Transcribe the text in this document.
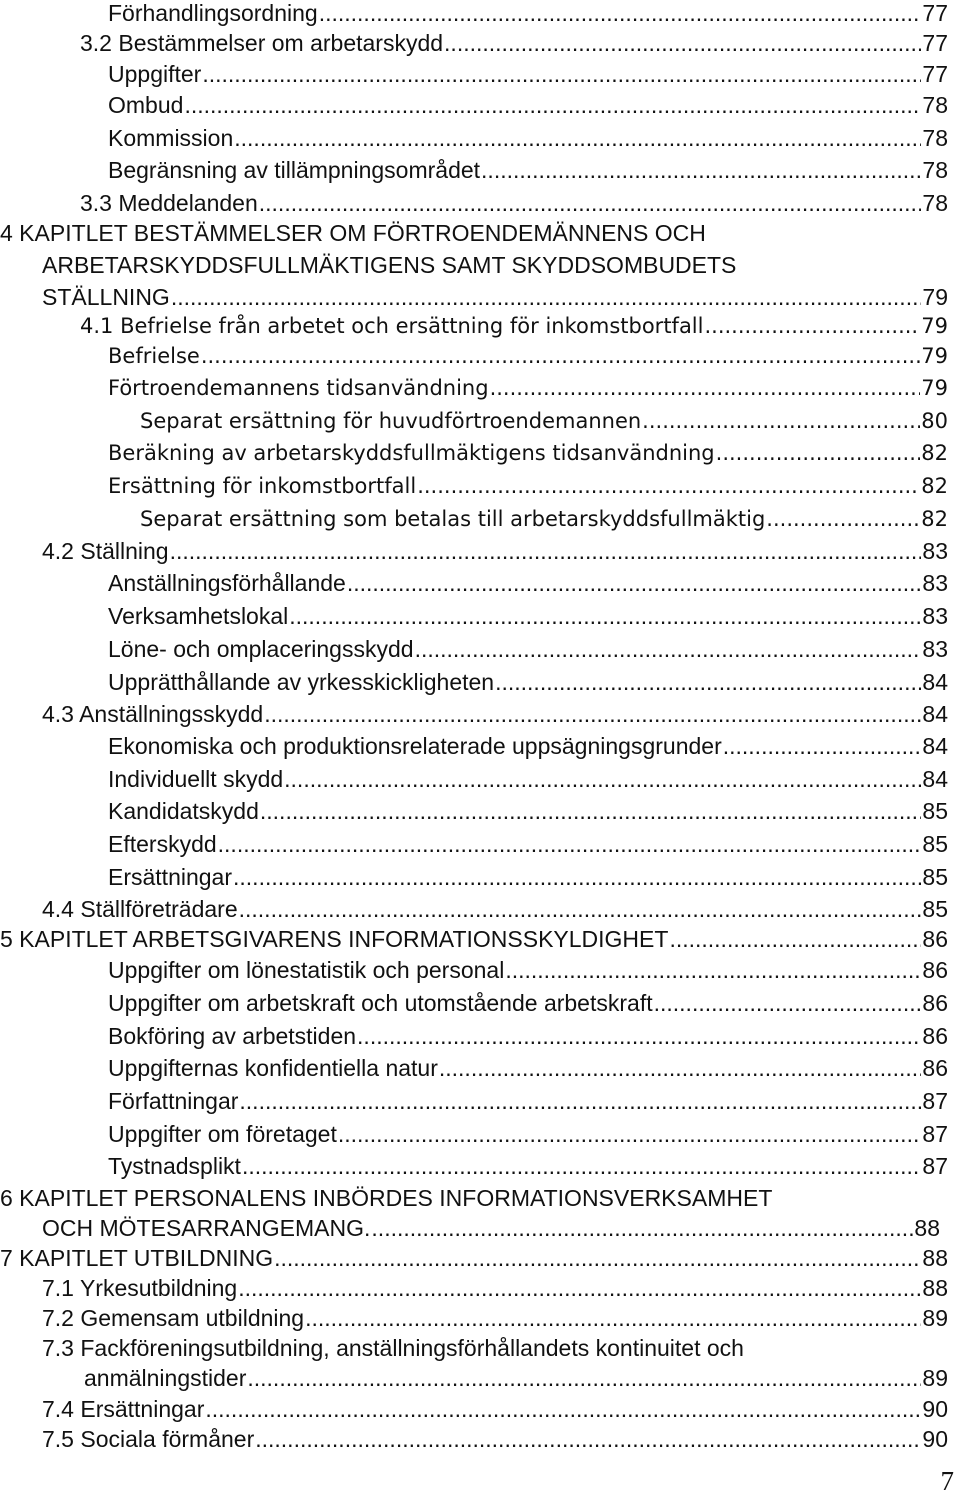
Förhandlingsordning .....	77
3.2 Bestämmelser om arbetarskydd .....	77
Uppgifter .....	77
Ombud .....	78
Kommission .....	78
Begränsning av tillämpningsområdet .....	78
3.3 Meddelanden .....	78
4 KAPITLET BESTÄMMELSER OM FÖRTROENDEMÄNNENS OCH
ARBETARSKYDDSFULLMÄKTIGENS SAMT SKYDDSOMBUDETS
STÄLLNING .....	79
4.1 Befrielse från arbetet och ersättning för inkomstbortfall .....	79
Befrielse .....	79
Förtroendemannens tidsanvändning .....	79
Separat ersättning för huvudförtroendemannen .....	80
Beräkning av arbetarskyddsfullmäktigens tidsanvändning .....	82
Ersättning för inkomstbortfall .....	82
Separat ersättning som betalas till arbetarskyddsfullmäktig .....	82
4.2 Ställning .....	83
Anställningsförhållande .....	83
Verksamhetslokal .....	83
Löne- och omplaceringsskydd .....	83
Upprätthållande av yrkesskickligheten .....	84
4.3 Anställningsskydd .....	84
Ekonomiska och produktionsrelaterade uppsägningsgrunder .....	84
Individuellt skydd .....	84
Kandidatskydd .....	85
Efterskydd .....	85
Ersättningar .....	85
4.4 Ställföreträdare .....	85
5 KAPITLET ARBETSGIVARENS INFORMATIONSSKYLDIGHET .....	86
Uppgifter om lönestatistik och personal .....	86
Uppgifter om arbetskraft och utomstående arbetskraft .....	86
Bokföring av arbetstiden .....	86
Uppgifternas konfidentiella natur .....	86
Författningar .....	87
Uppgifter om företaget .....	87
Tystnadsplikt .....	87
6 KAPITLET PERSONALENS INBÖRDES INFORMATIONSVERKSAMHET
OCH MÖTESARRANGEMANG. .....	88
7 KAPITLET UTBILDNING .....	88
7.1 Yrkesutbildning .....	88
7.2 Gemensam utbildning .....	89
7.3 Fackföreningsutbildning, anställningsförhållandets kontinuitet och
anmälningstider .....	89
7.4 Ersättningar .....	90
7.5 Sociala förmåner .....	90
7
